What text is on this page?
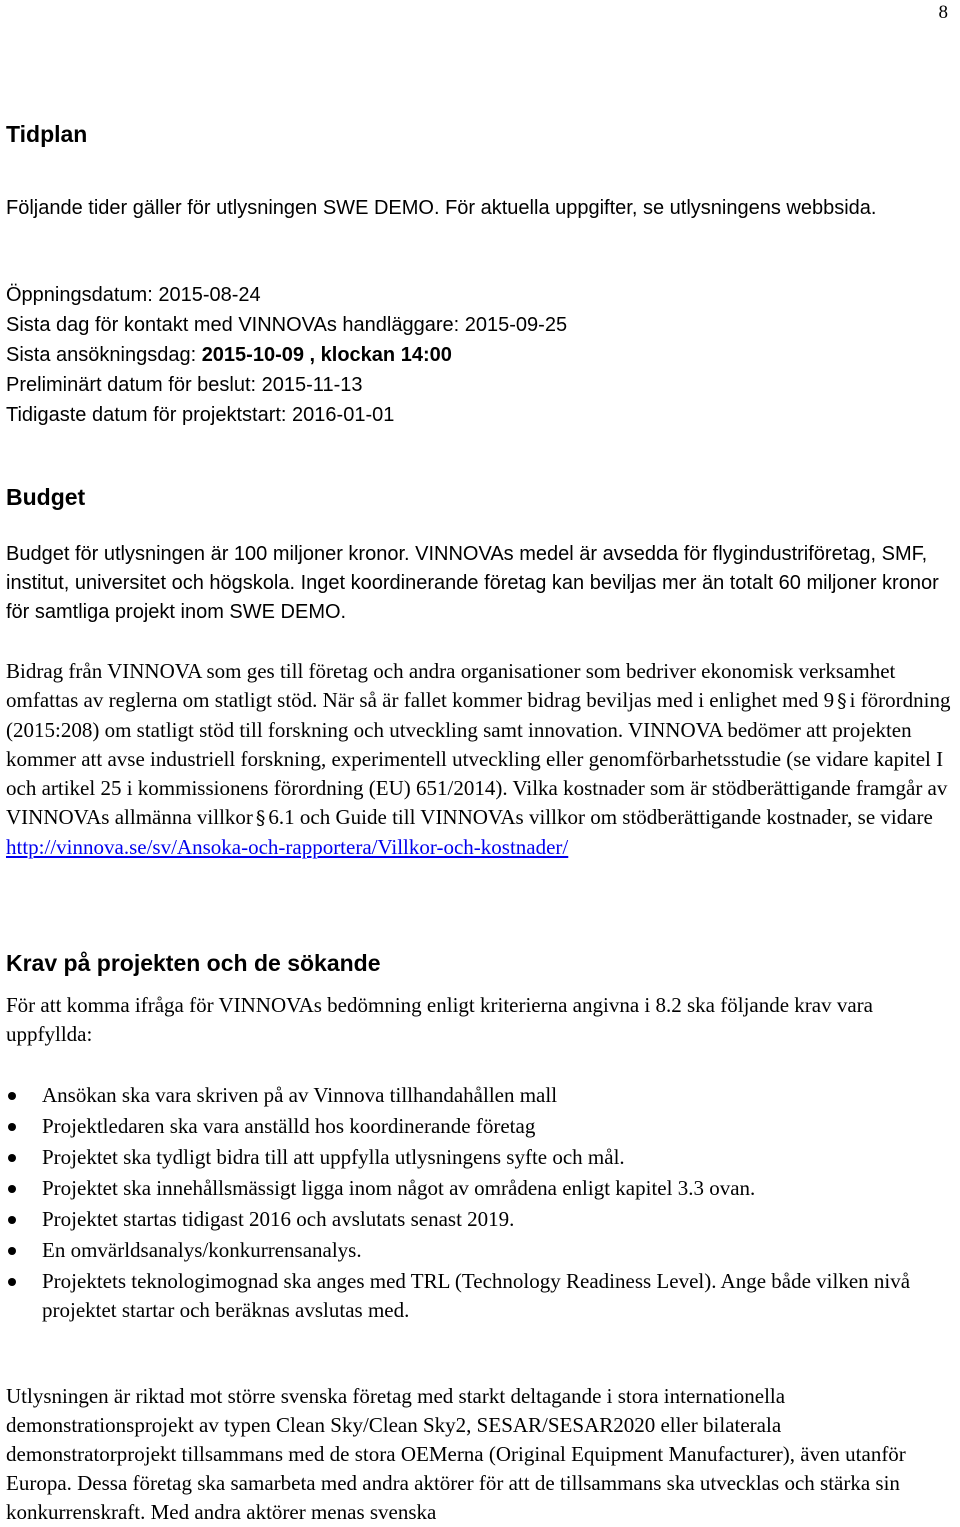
8
Tidplan

Följande tider gäller för utlysningen SWE DEMO. För aktuella uppgifter, se utlysningens webbsida.

Öppningsdatum: 2015-08-24
Sista dag för kontakt med VINNOVAs handläggare: 2015-09-25
Sista ansökningsdag: 2015-10-09 , klockan 14:00
Preliminärt datum för beslut: 2015-11-13
Tidigaste datum för projektstart: 2016-01-01
Budget

Budget för utlysningen är 100 miljoner kronor. VINNOVAs medel är avsedda för flygindustriföretag, SMF, institut, universitet och högskola. Inget koordinerande företag kan beviljas mer än totalt 60 miljoner kronor för samtliga projekt inom SWE DEMO.

Bidrag från VINNOVA som ges till företag och andra organisationer som bedriver ekonomisk verksamhet omfattas av reglerna om statligt stöd. När så är fallet kommer bidrag beviljas med i enlighet med 9 § i förordning (2015:208) om statligt stöd till forskning och utveckling samt innovation. VINNOVA bedömer att projekten kommer att avse industriell forskning, experimentell utveckling eller genomförbarhetsstudie (se vidare kapitel I och artikel 25 i kommissionens förordning (EU) 651/2014). Vilka kostnader som är stödberättigande framgår av VINNOVAs allmänna villkor § 6.1 och Guide till VINNOVAs villkor om stödberättigande kostnader, se vidare http://vinnova.se/sv/Ansoka-och-rapportera/Villkor-och-kostnader/

Krav på projekten och de sökande

För att komma ifråga för VINNOVAs bedömning enligt kriterierna angivna i 8.2 ska följande krav vara uppfyllda:

Ansökan ska vara skriven på av Vinnova tillhandahållen mall
Projektledaren ska vara anställd hos koordinerande företag
Projektet ska tydligt bidra till att uppfylla utlysningens syfte och mål.
Projektet ska innehållsmässigt ligga inom något av områdena enligt kapitel 3.3 ovan.
Projektet startas tidigast 2016 och avslutats senast 2019.
En omvärldsanalys/konkurrensanalys.
Projektets teknologimognad ska anges med TRL (Technology Readiness Level). Ange både vilken nivå projektet startar och beräknas avslutas med.

Utlysningen är riktad mot större svenska företag med starkt deltagande i stora internationella demonstrationsprojekt av typen Clean Sky/Clean Sky2, SESAR/SESAR2020 eller bilaterala demonstratorprojekt tillsammans med de stora OEMerna (Original Equipment Manufacturer), även utanför Europa. Dessa företag ska samarbeta med andra aktörer för att de tillsammans ska utvecklas och stärka sin konkurrenskraft. Med andra aktörer menas svenska
